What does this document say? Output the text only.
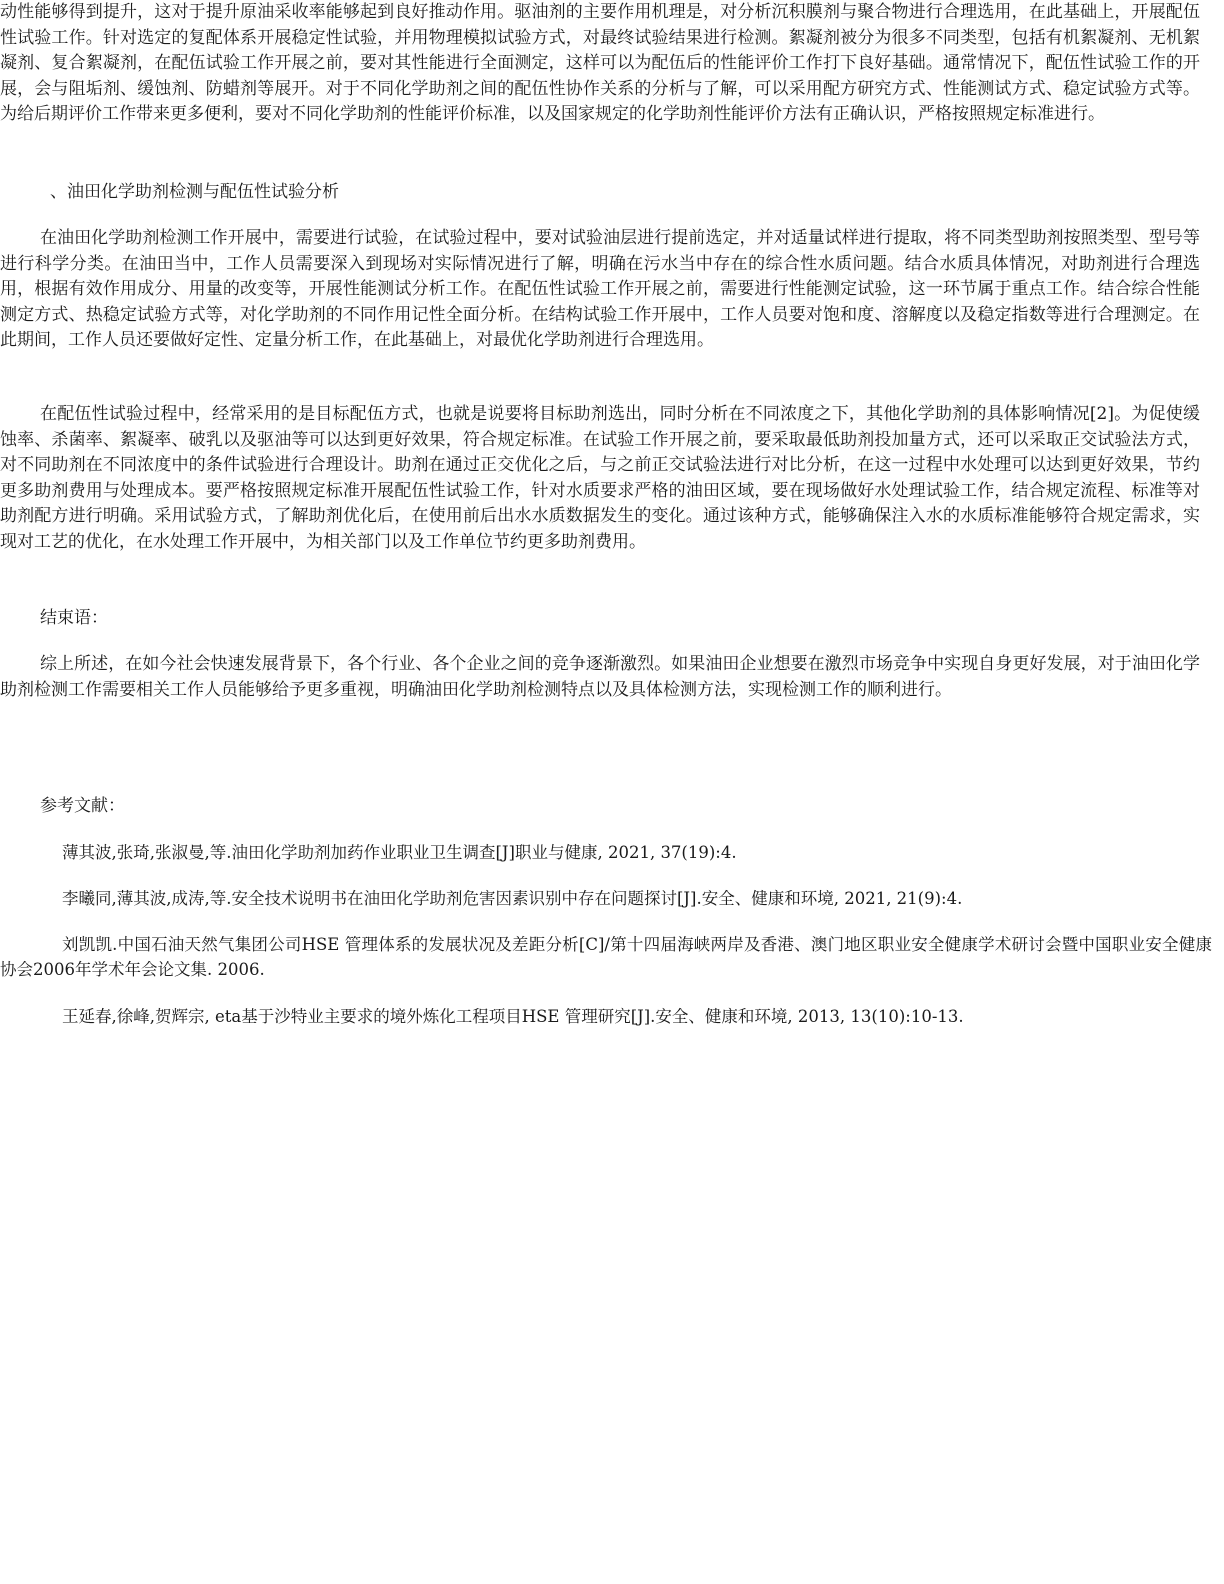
动性能够得到提升，这对于提升原油采收率能够起到良好推动作用。驱油剂的主要作用机理是，对分析沉积膜剂与聚合物进行合理选用，在此基础上，开展配伍性试验工作。针对选定的复配体系开展稳定性试验，并用物理模拟试验方式，对最终试验结果进行检测。絮凝剂被分为很多不同类型，包括有机絮凝剂、无机絮凝剂、复合絮凝剂，在配伍试验工作开展之前，要对其性能进行全面测定，这样可以为配伍后的性能评价工作打下良好基础。通常情况下，配伍性试验工作的开展，会与阻垢剂、缓蚀剂、防蜡剂等展开。对于不同化学助剂之间的配伍性协作关系的分析与了解，可以采用配方研究方式、性能测试方式、稳定试验方式等。为给后期评价工作带来更多便利，要对不同化学助剂的性能评价标准，以及国家规定的化学助剂性能评价方法有正确认识，严格按照规定标准进行。

、油田化学助剂检测与配伍性试验分析

在油田化学助剂检测工作开展中，需要进行试验，在试验过程中，要对试验油层进行提前选定，并对适量试样进行提取，将不同类型助剂按照类型、型号等进行科学分类。在油田当中，工作人员需要深入到现场对实际情况进行了解，明确在污水当中存在的综合性水质问题。结合水质具体情况，对助剂进行合理选用，根据有效作用成分、用量的改变等，开展性能测试分析工作。在配伍性试验工作开展之前，需要进行性能测定试验，这一环节属于重点工作。结合综合性能测定方式、热稳定试验方式等，对化学助剂的不同作用记性全面分析。在结构试验工作开展中，工作人员要对饱和度、溶解度以及稳定指数等进行合理测定。在此期间，工作人员还要做好定性、定量分析工作，在此基础上，对最优化学助剂进行合理选用。

在配伍性试验过程中，经常采用的是目标配伍方式，也就是说要将目标助剂选出，同时分析在不同浓度之下，其他化学助剂的具体影响情况[2]。为促使缓蚀率、杀菌率、絮凝率、破乳以及驱油等可以达到更好效果，符合规定标准。在试验工作开展之前，要采取最低助剂投加量方式，还可以采取正交试验法方式，对不同助剂在不同浓度中的条件试验进行合理设计。助剂在通过正交优化之后，与之前正交试验法进行对比分析，在这一过程中水处理可以达到更好效果，节约更多助剂费用与处理成本。要严格按照规定标准开展配伍性试验工作，针对水质要求严格的油田区域，要在现场做好水处理试验工作，结合规定流程、标准等对助剂配方进行明确。采用试验方式，了解助剂优化后，在使用前后出水水质数据发生的变化。通过该种方式，能够确保注入水的水质标准能够符合规定需求，实现对工艺的优化，在水处理工作开展中，为相关部门以及工作单位节约更多助剂费用。

结束语：

综上所述，在如今社会快速发展背景下，各个行业、各个企业之间的竞争逐渐激烈。如果油田企业想要在激烈市场竞争中实现自身更好发展，对于油田化学助剂检测工作需要相关工作人员能够给予更多重视，明确油田化学助剂检测特点以及具体检测方法，实现检测工作的顺利进行。

参考文献：

薄其波,张琦,张淑曼,等.油田化学助剂加药作业职业卫生调查[J]职业与健康, 2021, 37(19):4.

李曦同,薄其波,成涛,等.安全技术说明书在油田化学助剂危害因素识别中存在问题探讨[J].安全、健康和环境, 2021, 21(9):4.

刘凯凯.中国石油天然气集团公司HSE 管理体系的发展状况及差距分析[C]/第十四届海峡两岸及香港、澳门地区职业安全健康学术研讨会暨中国职业安全健康协会2006年学术年会论文集. 2006.

王延春,徐峰,贺辉宗, eta基于沙特业主要求的境外炼化工程项目HSE 管理研究[J].安全、健康和环境, 2013, 13(10):10-13.
